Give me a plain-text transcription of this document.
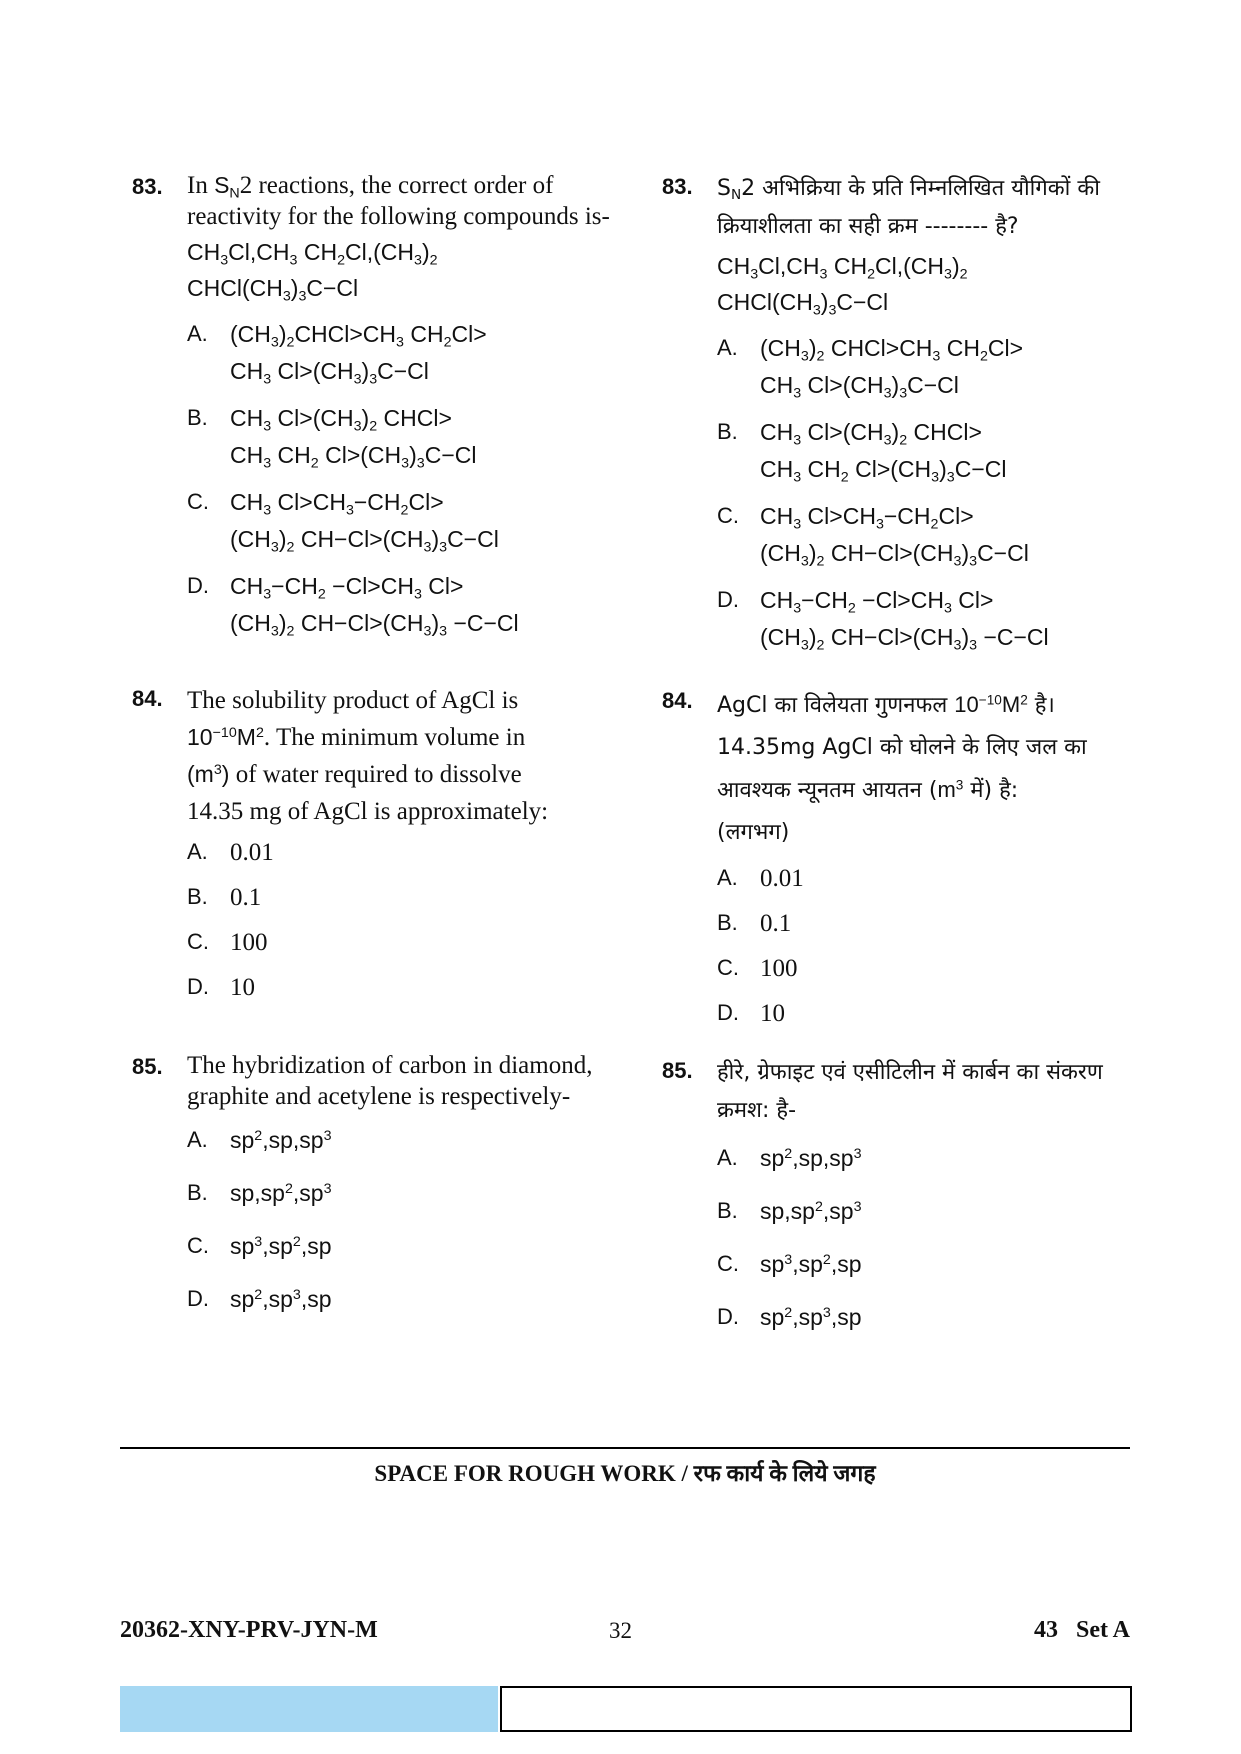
83. In $S_N2$ reactions, the correct order of reactivity for the following compounds is-
$CH_3Cl,CH_3$ $CH_2Cl,(CH_3)_2$
$CHCl(CH_3)_3C-Cl$
A. $(CH_3)_2CHCl>CH_3$ $CH_2Cl>$
$CH_3$ $Cl>(CH_3)_3C-Cl$
B. $CH_3$ $Cl>(CH_3)_2$ CHCl>
$CH_3$ $CH_2$ $Cl>(CH_3)_3C-Cl$
C. $CH_3$ $Cl>CH_3-CH_2Cl>$
$(CH_3)_2$ $CH-Cl>(CH_3)_3C-Cl$
D. $CH_3-CH_2 -Cl>CH_3$ Cl>
$(CH_3)_2$ $CH-Cl>(CH_3)_3 -C-Cl$
84. The solubility product of AgCl is
$10^{-10}M^2$. The minimum volume in
$(m^3)$ of water required to dissolve
14.35 mg of AgCl is approximately:
A. 0.01
B. 0.1
C. 100
D. 10
85. The hybridization of carbon in diamond, graphite and acetylene is respectively-
A. $sp^2,sp,sp^3$
B. $sp,sp^2,sp^3$
C. $sp^3,sp^2,sp$
D. $sp^2,sp^3,sp$
83. $S_N2$ अभिक्रिया के प्रति निम्नलिखित यौगिकों की क्रियाशीलता का सही क्रम -------- है?
$CH_3Cl,CH_3$ $CH_2Cl,(CH_3)_2$
$CHCl(CH_3)_3C-Cl$
A. $(CH_3)_2$ $CHCl>CH_3$ $CH_2Cl>$
$CH_3$ $Cl>(CH_3)_3C-Cl$
B. $CH_3$ $Cl>(CH_3)_2$ CHCl>
$CH_3$ $CH_2$ $Cl>(CH_3)_3C-Cl$
C. $CH_3$ $Cl>CH_3-CH_2Cl>$
$(CH_3)_2$ $CH-Cl>(CH_3)_3C-Cl$
D. $CH_3-CH_2 -Cl>CH_3$ Cl>
$(CH_3)_2$ $CH-Cl>(CH_3)_3 -C-Cl$
84. AgCl का विलेयता गुणनफल $10^{-10}M^2$ है।
14.35mg AgCl को घोलने के लिए जल का
आवश्यक न्यूनतम आयतन ($m^3$ में) है:
(लगभग)
A. 0.01
B. 0.1
C. 100
D. 10
85. हीरे, ग्रेफाइट एवं एसीटिलीन में कार्बन का संकरण क्रमश: है-
A. $sp^2,sp,sp^3$
B. $sp,sp^2,sp^3$
C. $sp^3,sp^2,sp$
D. $sp^2,sp^3,sp$
SPACE FOR ROUGH WORK / रफ कार्य के लिये जगह
20362-XNY-PRV-JYN-M	32	43   Set A
